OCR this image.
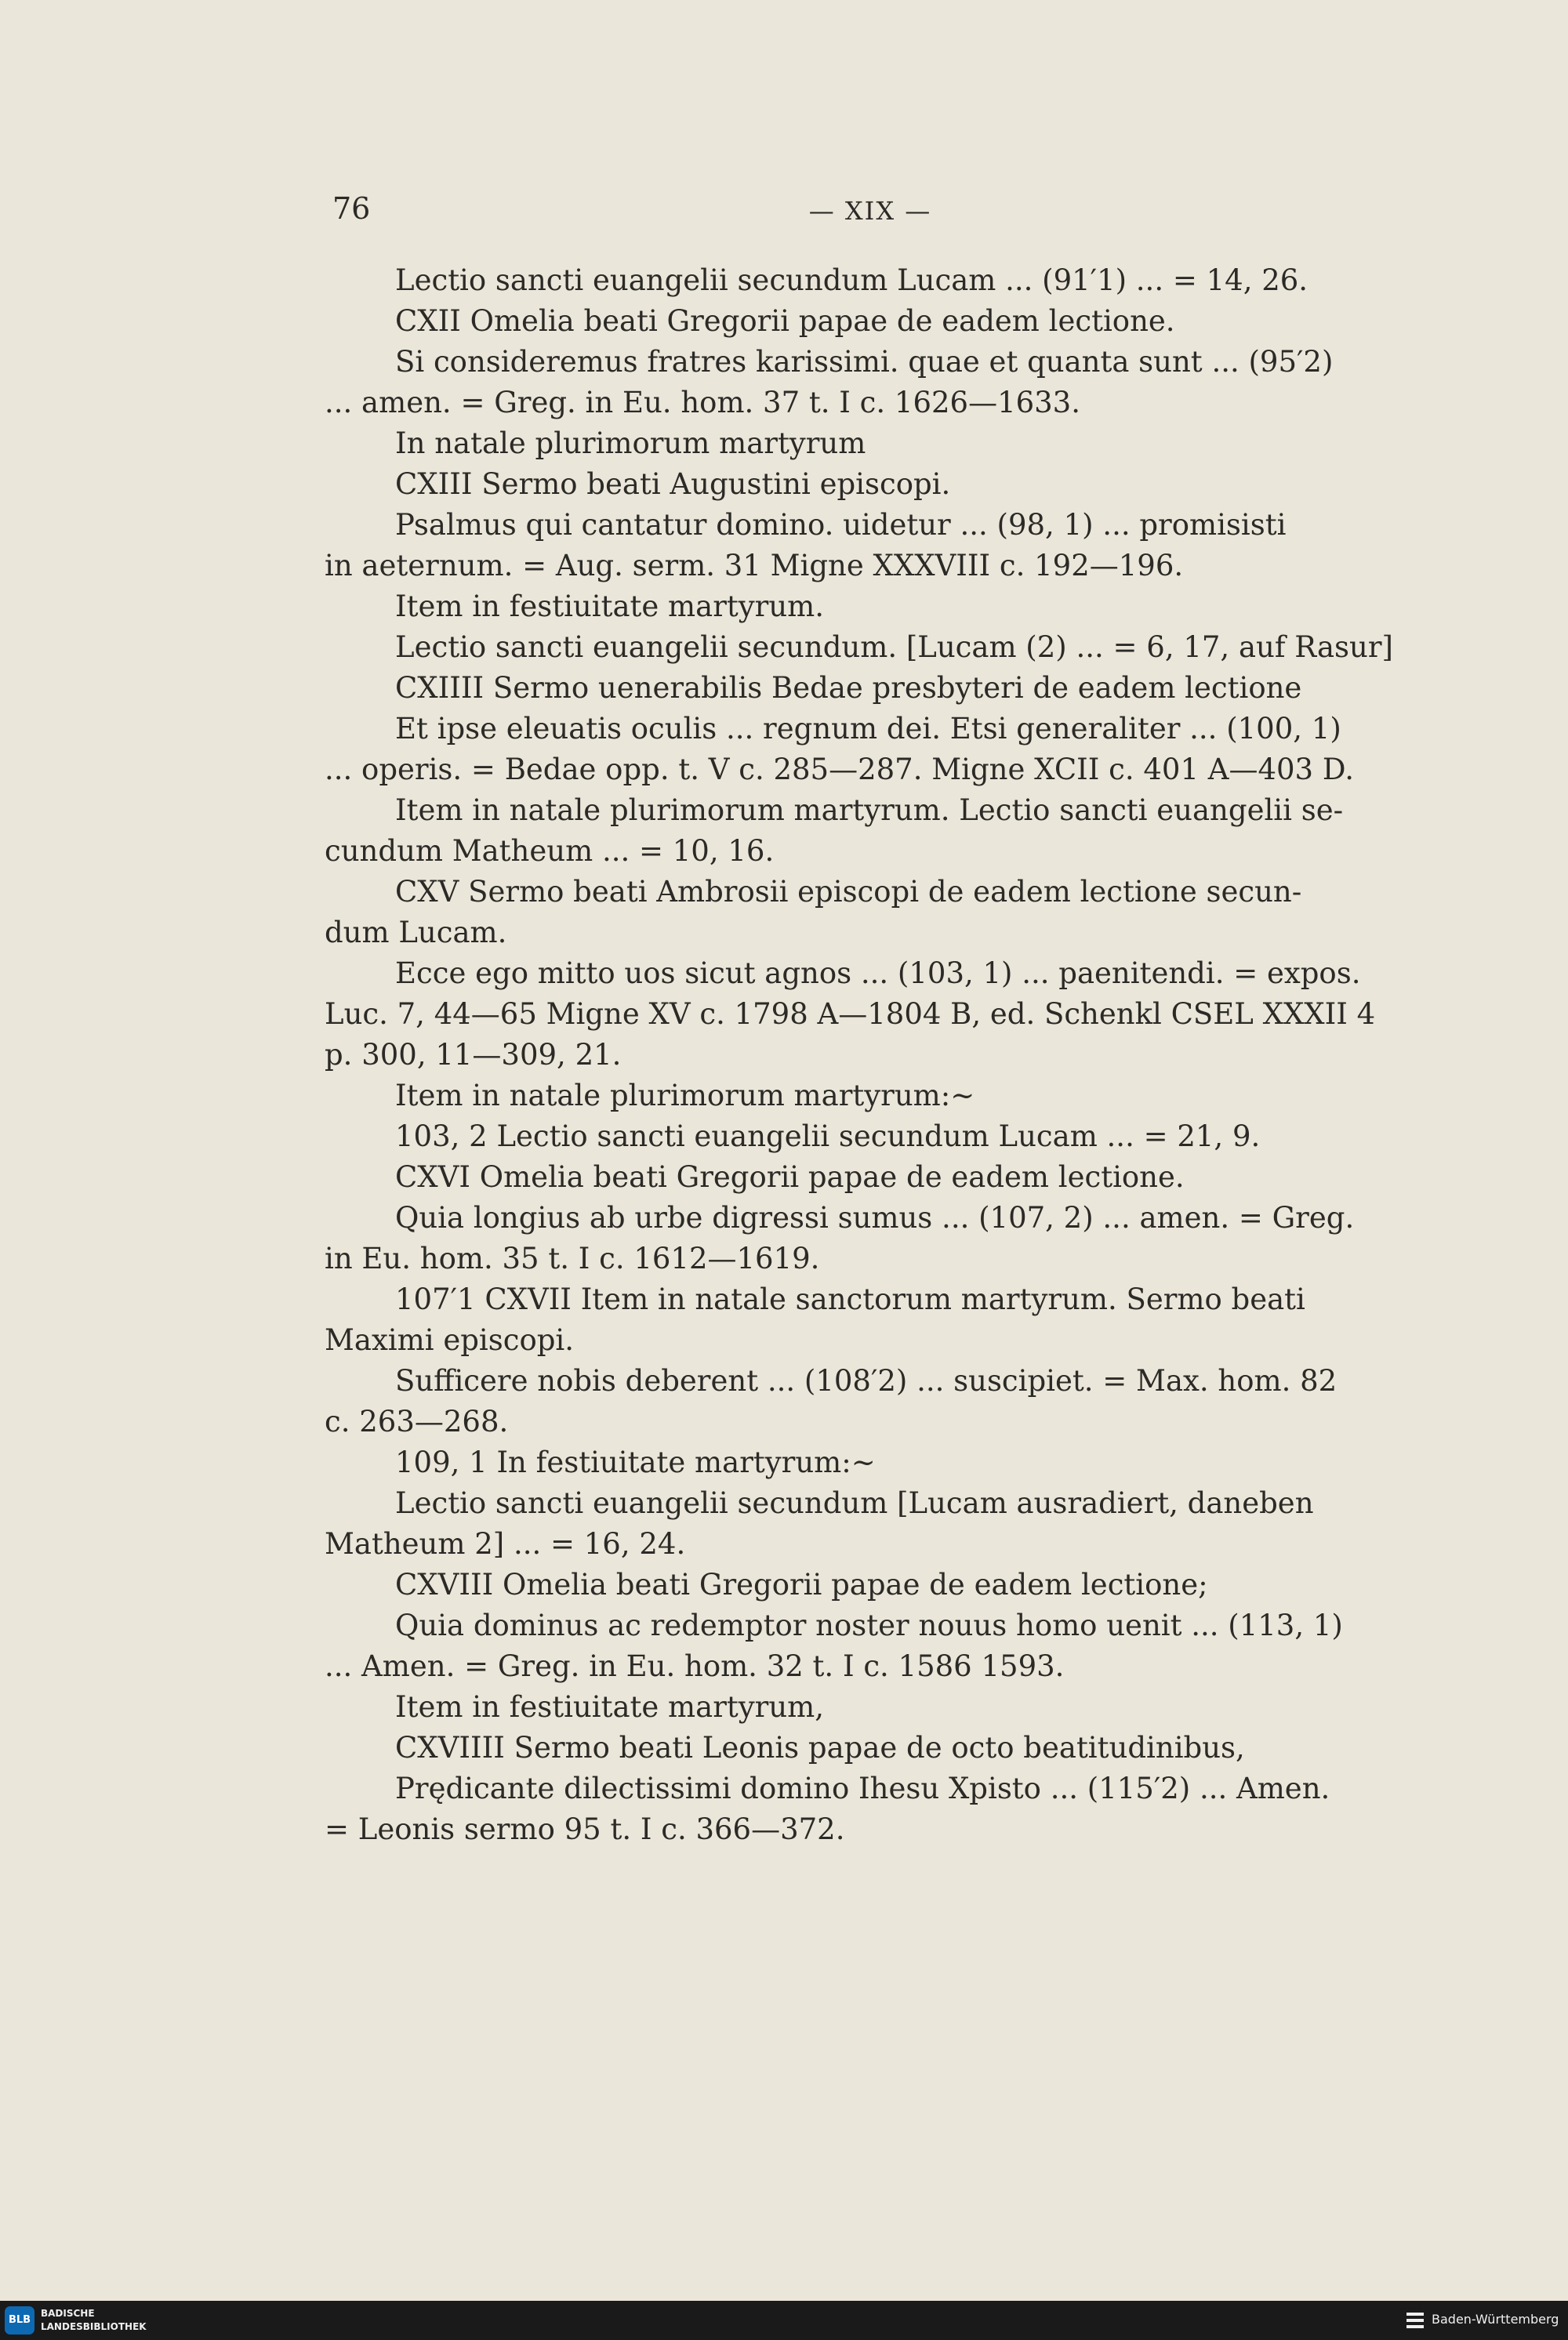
76	— XIX —
Lectio sancti euangelii secundum Lucam ... (91′1) ... = 14, 26.
CXII Omelia beati Gregorii papae de eadem lectione.
Si consideremus fratres karissimi. quae et quanta sunt ... (95′2)
... amen. = Greg. in Eu. hom. 37 t. I c. 1626—1633.
In natale plurimorum martyrum
CXIII Sermo beati Augustini episcopi.
Psalmus qui cantatur domino. uidetur ... (98, 1) ... promisisti
in aeternum. = Aug. serm. 31 Migne XXXVIII c. 192—196.
Item in festiuitate martyrum.
Lectio sancti euangelii secundum. [Lucam (2) ... = 6, 17, auf Rasur]
CXIIII Sermo uenerabilis Bedae presbyteri de eadem lectione
Et ipse eleuatis oculis ... regnum dei. Etsi generaliter ... (100, 1)
... operis. = Bedae opp. t. V c. 285—287. Migne XCII c. 401 A—403 D.
Item in natale plurimorum martyrum. Lectio sancti euangelii se-
cundum Matheum ... = 10, 16.
CXV Sermo beati Ambrosii episcopi de eadem lectione secun-
dum Lucam.
Ecce ego mitto uos sicut agnos ... (103, 1) ... paenitendi. = expos.
Luc. 7, 44—65 Migne XV c. 1798 A—1804 B, ed. Schenkl CSEL XXXII 4
p. 300, 11—309, 21.
Item in natale plurimorum martyrum:~
103, 2 Lectio sancti euangelii secundum Lucam ... = 21, 9.
CXVI Omelia beati Gregorii papae de eadem lectione.
Quia longius ab urbe digressi sumus ... (107, 2) ... amen. = Greg.
in Eu. hom. 35 t. I c. 1612—1619.
107′1 CXVII Item in natale sanctorum martyrum. Sermo beati
Maximi episcopi.
Sufficere nobis deberent ... (108′2) ... suscipiet. = Max. hom. 82
c. 263—268.
109, 1 In festiuitate martyrum:~
Lectio sancti euangelii secundum [Lucam ausradiert, daneben
Matheum 2] ... = 16, 24.
CXVIII Omelia beati Gregorii papae de eadem lectione;
Quia dominus ac redemptor noster nouus homo uenit ... (113, 1)
... Amen. = Greg. in Eu. hom. 32 t. I c. 1586 1593.
Item in festiuitate martyrum,
CXVIIII Sermo beati Leonis papae de octo beatitudinibus,
Prędicante dilectissimi domino Ihesu Xpisto ... (115′2) ... Amen.
= Leonis sermo 95 t. I c. 366—372.
BLB
BADISCHE
LANDESBIBLIOTHEK	Baden-Württemberg
